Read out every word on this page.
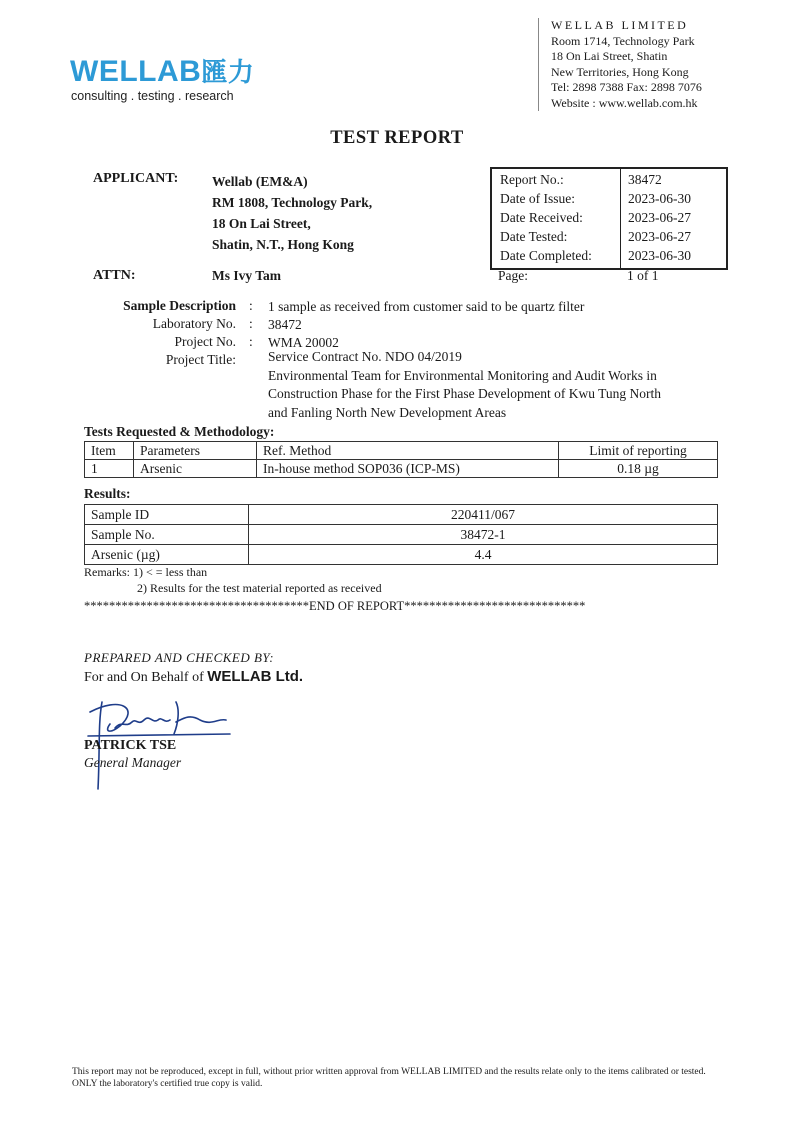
WELLAB匯力
consulting . testing . research
WELLAB LIMITED
Room 1714, Technology Park
18 On Lai Street, Shatin
New Territories, Hong Kong
Tel: 2898 7388 Fax: 2898 7076
Website : www.wellab.com.hk
TEST REPORT
APPLICANT: Wellab (EM&A)
RM 1808, Technology Park,
18 On Lai Street,
Shatin, N.T., Hong Kong
Report No.:	38472
Date of Issue:	2023-06-30
Date Received:	2023-06-27
Date Tested:	2023-06-27
Date Completed:	2023-06-30
Page:	1 of 1
ATTN:	Ms Ivy Tam
Sample Description : 1 sample as received from customer said to be quartz filter
Laboratory No. : 38472
Project No. : WMA 20002
Project Title: Service Contract No. NDO 04/2019
Environmental Team for Environmental Monitoring and Audit Works in
Construction Phase for the First Phase Development of Kwu Tung North
and Fanling North New Development Areas
Tests Requested & Methodology:
Item	Parameters	Ref. Method	Limit of reporting
1	Arsenic	In-house method SOP036 (ICP-MS)	0.18 µg
Results:
Sample ID	220411/067
Sample No.	38472-1
Arsenic (µg)	4.4
Remarks: 1) < = less than
2) Results for the test material reported as received
************************************END OF REPORT*****************************
PREPARED AND CHECKED BY:
For and On Behalf of WELLAB Ltd.
PATRICK TSE
General Manager
This report may not be reproduced, except in full, without prior written approval from WELLAB LIMITED and the results relate only to the items calibrated or tested. ONLY the laboratory's certified true copy is valid.
